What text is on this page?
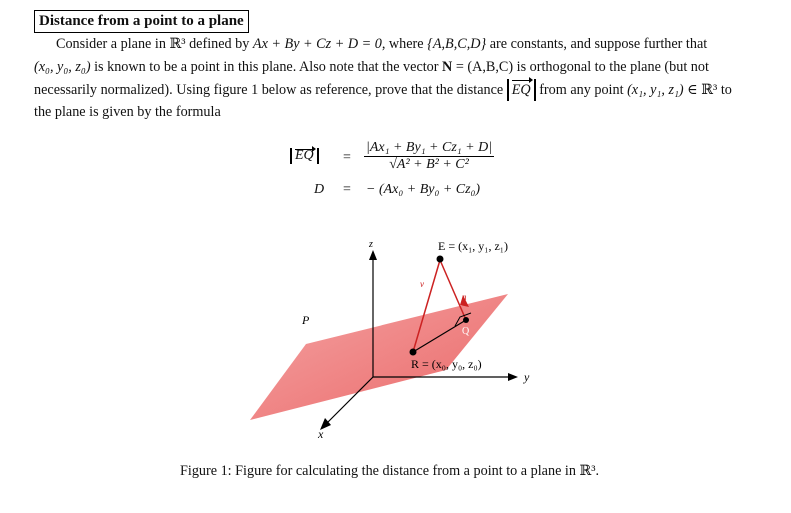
Distance from a point to a plane

Consider a plane in ℝ³ defined by Ax + By + Cz + D = 0, where {A,B,C,D} are constants, and suppose further that

(x₀, y₀, z₀) is known to be a point in this plane. Also note that the vector N = (A,B,C) is orthogonal to the plane (but not
necessarily normalized). Using figure 1 below as reference, prove that the distance EQ from any point (x₁, y₁, z₁) ∈ ℝ³ to
the plane is given by the formula
EQ	= $\frac{\text{|Ax₁ + By₁ + Cz₁ + D|}}{\text{√A² + B² + C²}}$
D = − (Ax₀ + By₀ + Cz₀)
z
y
x
P
E = (x₁, y₁, z₁)
R = (x₀, y₀, z₀)
Q
v
n
Figure 1: Figure for calculating the distance from a point to a plane in ℝ³.
